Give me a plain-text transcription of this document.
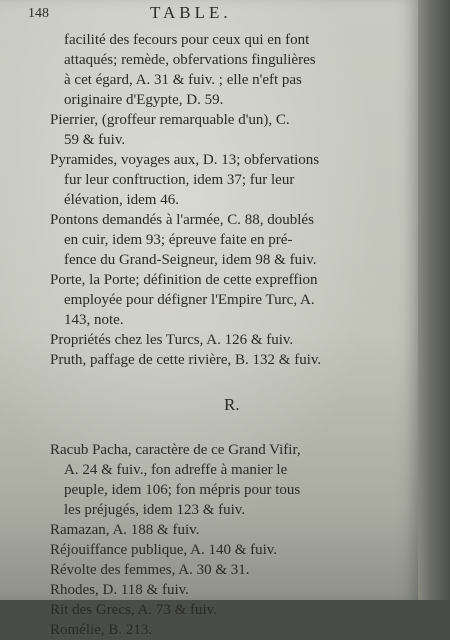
148	TABLE.
facilité des fecours pour ceux qui en font
attaqués; remède, obfervations fingulières
à cet égard, A. 31 & fuiv. ; elle n'eft pas
originaire d'Egypte, D. 59.
Pierrier, (groffeur remarquable d'un), C.
59 & fuiv.
Pyramides, voyages aux, D. 13; obfervations
fur leur conftruction, idem 37; fur leur
élévation, idem 46.
Pontons demandés à l'armée, C. 88, doublés
en cuir, idem 93; épreuve faite en pré-
fence du Grand-Seigneur, idem 98 & fuiv.
Porte, la Porte; définition de cette expreffion
employée pour défigner l'Empire Turc, A.
143, note.
Propriétés chez les Turcs, A. 126 & fuiv.
Pruth, paffage de cette rivière, B. 132 & fuiv.
R.
Racub Pacha, caractère de ce Grand Vifir,
A. 24 & fuiv., fon adreffe à manier le
peuple, idem 106; fon mépris pour tous
les préjugés, idem 123 & fuiv.
Ramazan, A. 188 & fuiv.
Réjouiffance publique, A. 140 & fuiv.
Révolte des femmes, A. 30 & 31.
Rhodes, D. 118 & fuiv.
Rit des Grecs, A. 73 & fuiv.
Romélie, B. 213.
